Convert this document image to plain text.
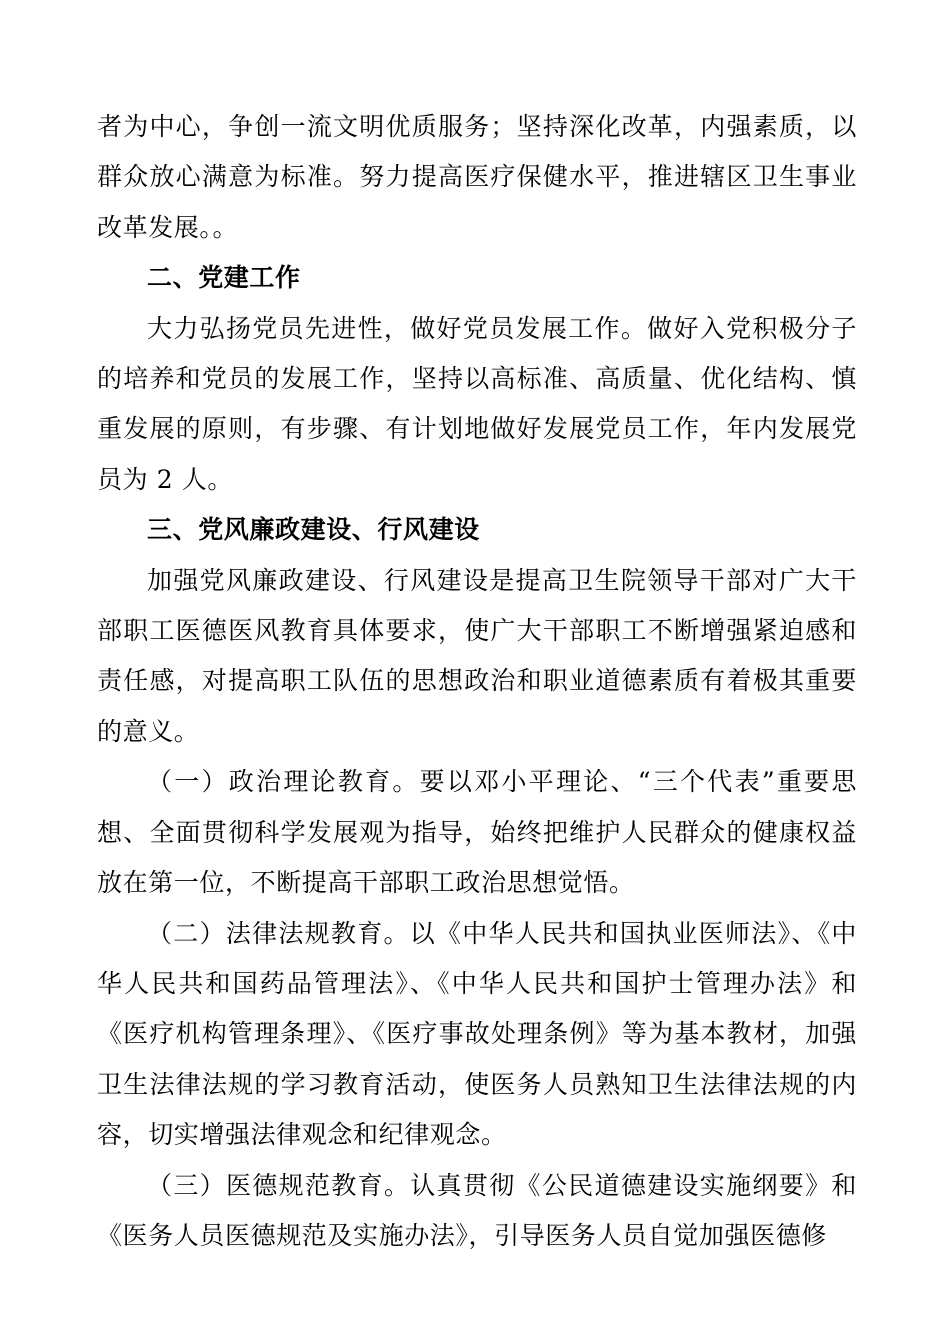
者为中心，争创一流文明优质服务；坚持深化改革，内强素质，以群众放心满意为标准。努力提高医疗保健水平，推进辖区卫生事业改革发展。。

二、党建工作

大力弘扬党员先进性，做好党员发展工作。做好入党积极分子的培养和党员的发展工作，坚持以高标准、高质量、优化结构、慎重发展的原则，有步骤、有计划地做好发展党员工作，年内发展党员为 2 人。

三、党风廉政建设、行风建设

加强党风廉政建设、行风建设是提高卫生院领导干部对广大干部职工医德医风教育具体要求，使广大干部职工不断增强紧迫感和责任感，对提高职工队伍的思想政治和职业道德素质有着极其重要的意义。

（一）政治理论教育。要以邓小平理论、“三个代表”重要思想、全面贯彻科学发展观为指导，始终把维护人民群众的健康权益放在第一位，不断提高干部职工政治思想觉悟。

（二）法律法规教育。以《中华人民共和国执业医师法》、《中华人民共和国药品管理法》、《中华人民共和国护士管理办法》和《医疗机构管理条理》、《医疗事故处理条例》等为基本教材，加强卫生法律法规的学习教育活动，使医务人员熟知卫生法律法规的内容，切实增强法律观念和纪律观念。

（三）医德规范教育。认真贯彻《公民道德建设实施纲要》和《医务人员医德规范及实施办法》，引导医务人员自觉加强医德修
